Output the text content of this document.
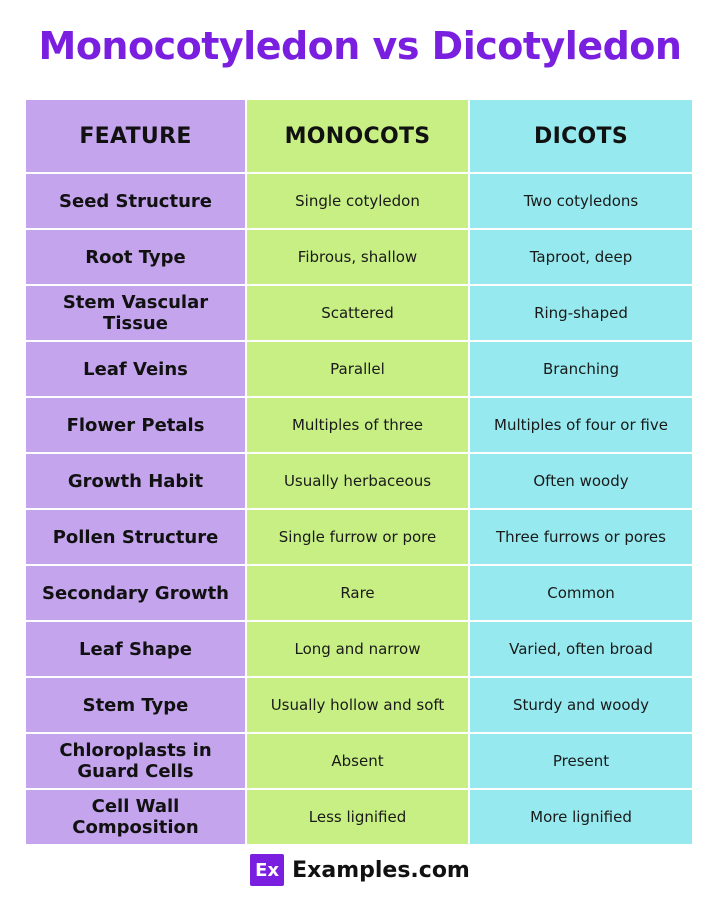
Monocotyledon vs Dicotyledon
FEATURE	MONOCOTS	DICOTS
Seed Structure	Single cotyledon	Two cotyledons
Root Type	Fibrous, shallow	Taproot, deep
Stem Vascular Tissue	Scattered	Ring-shaped
Leaf Veins	Parallel	Branching
Flower Petals	Multiples of three	Multiples of four or five
Growth Habit	Usually herbaceous	Often woody
Pollen Structure	Single furrow or pore	Three furrows or pores
Secondary Growth	Rare	Common
Leaf Shape	Long and narrow	Varied, often broad
Stem Type	Usually hollow and soft	Sturdy and woody
Chloroplasts in Guard Cells	Absent	Present
Cell Wall Composition	Less lignified	More lignified
Ex Examples.com
